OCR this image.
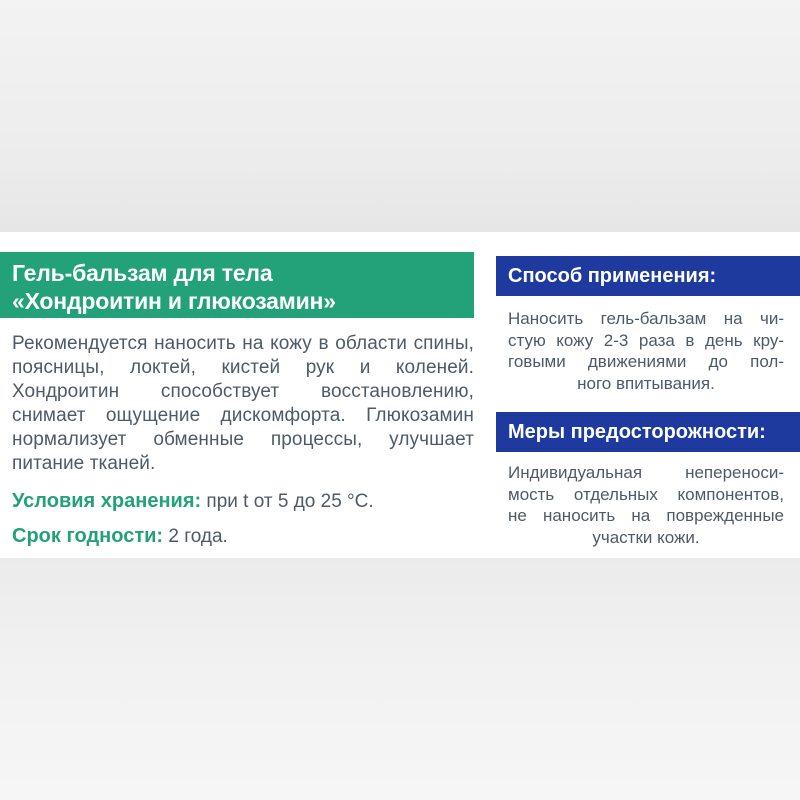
Гель-бальзам для тела
«Хондроитин и глюкозамин»
Рекомендуется наносить на кожу в области спины, поясницы, локтей, кистей рук и коленей. Хондроитин способствует восстановлению, снимает ощущение дискомфорта. Глюкозамин нормализует обменные процессы, улучшает питание тканей.
Условия хранения: при t от 5 до 25 °С.
Срок годности: 2 года.
Способ применения:
Наносить гель-бальзам на чи-
стую кожу 2-3 раза в день кру-
говыми движениями до пол-
ного впитывания.
Меры предосторожности:
Индивидуальная непереноси-
мость отдельных компонентов,
не наносить на поврежденные
участки кожи.
